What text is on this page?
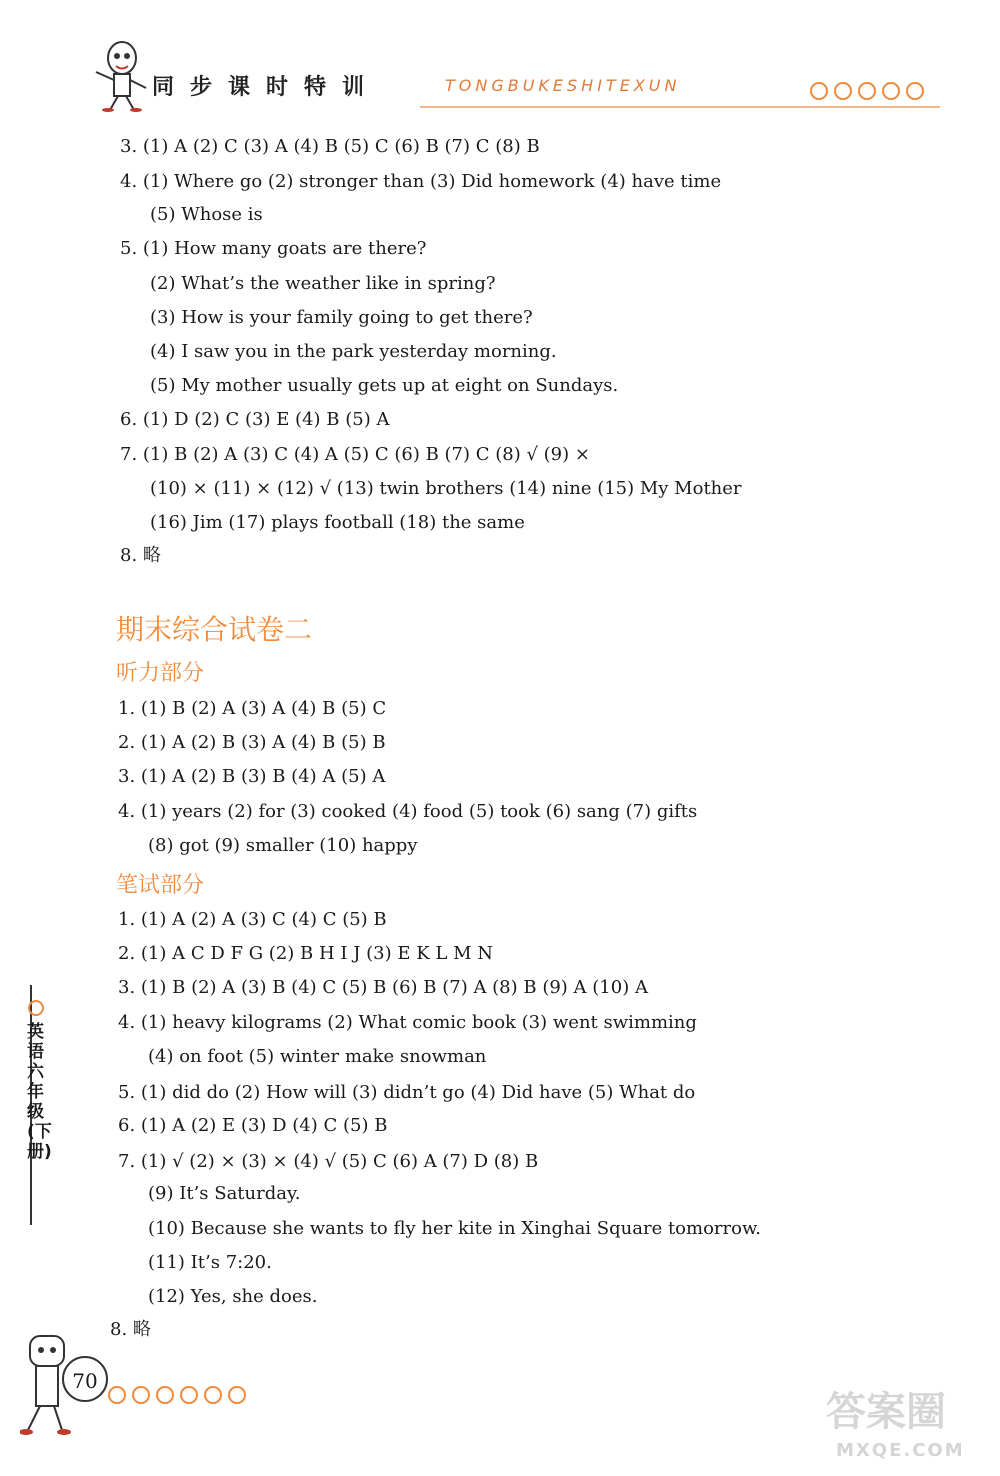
同步课时特训	TONGBUKESHITEXUN
3. (1) A (2) C (3) A (4) B (5) C (6) B (7) C (8) B
4. (1) Where go (2) stronger than (3) Did homework (4) have time
(5) Whose is
5. (1) How many goats are there?
(2) What’s the weather like in spring?
(3) How is your family going to get there?
(4) I saw you in the park yesterday morning.
(5) My mother usually gets up at eight on Sundays.
6. (1) D (2) C (3) E (4) B (5) A
7. (1) B (2) A (3) C (4) A (5) C (6) B (7) C (8) √ (9) ×
(10) × (11) × (12) √ (13) twin brothers (14) nine (15) My Mother
(16) Jim (17) plays football (18) the same
8. 略
期末综合试卷二
听力部分
1. (1) B (2) A (3) A (4) B (5) C
2. (1) A (2) B (3) A (4) B (5) B
3. (1) A (2) B (3) B (4) A (5) A
4. (1) years (2) for (3) cooked (4) food (5) took (6) sang (7) gifts
(8) got (9) smaller (10) happy
笔试部分
1. (1) A (2) A (3) C (4) C (5) B
2. (1) A C D F G (2) B H I J (3) E K L M N
3. (1) B (2) A (3) B (4) C (5) B (6) B (7) A (8) B (9) A (10) A
4. (1) heavy kilograms (2) What comic book (3) went swimming
(4) on foot (5) winter make snowman
5. (1) did do (2) How will (3) didn’t go (4) Did have (5) What do
6. (1) A (2) E (3) D (4) C (5) B
7. (1) √ (2) × (3) × (4) √ (5) C (6) A (7) D (8) B
(9) It’s Saturday.
(10) Because she wants to fly her kite in Xinghai Square tomorrow.
(11) It’s 7:20.
(12) Yes, she does.
8. 略
英语 六年级(下册)
70
答案圈
MXQE.COM
